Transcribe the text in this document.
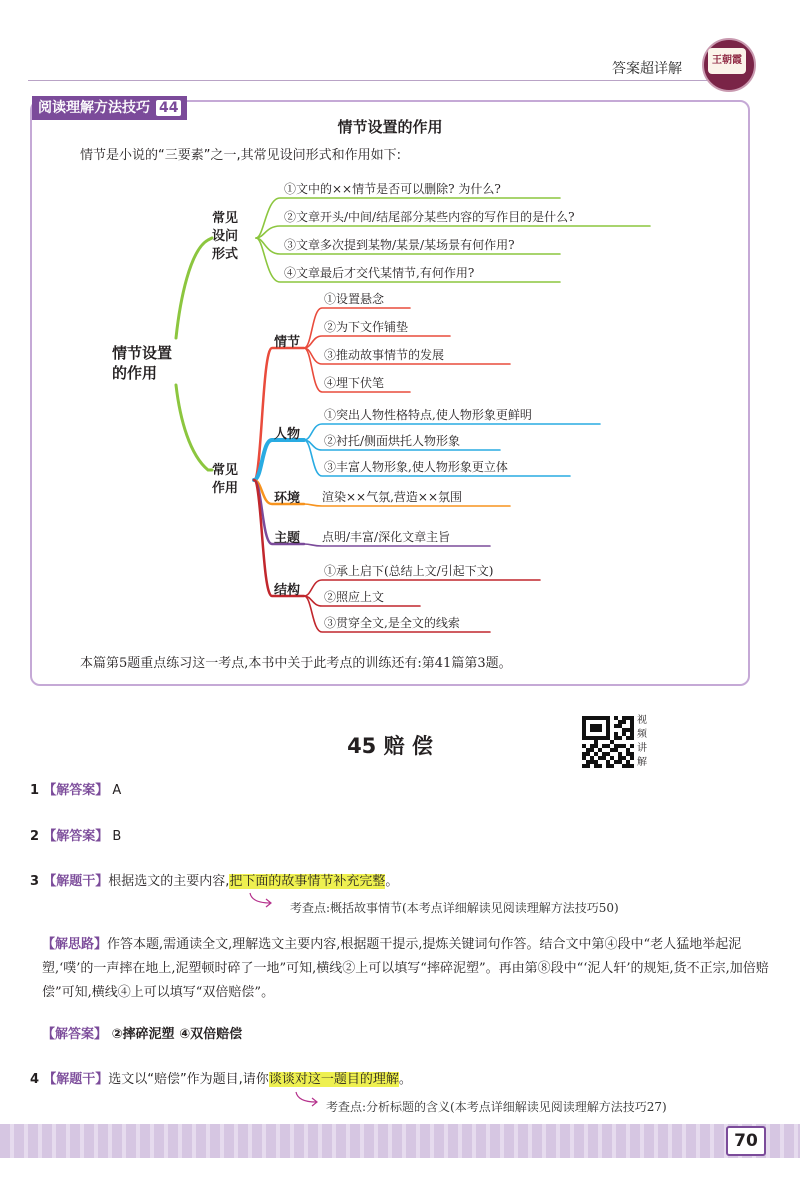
答案超详解
王朝霞
阅读理解方法技巧 44
情节设置的作用
情节是小说的“三要素”之一,其常见设问形式和作用如下:
情节设置
的作用
常见
设问
形式
①文中的××情节是否可以删除? 为什么?
②文章开头/中间/结尾部分某些内容的写作目的是什么?
③文章多次提到某物/某景/某场景有何作用?
④文章最后才交代某情节,有何作用?
常见
作用
情节
①设置悬念
②为下文作铺垫
③推动故事情节的发展
④埋下伏笔
人物
①突出人物性格特点,使人物形象更鲜明
②衬托/侧面烘托人物形象
③丰富人物形象,使人物形象更立体
环境 渲染××气氛,营造××氛围
主题 点明/丰富/深化文章主旨
结构
①承上启下(总结上文/引起下文)
②照应上文
③贯穿全文,是全文的线索
本篇第5题重点练习这一考点,本书中关于此考点的训练还有:第41篇第3题。
45 赔 偿
视频讲解
1 【解答案】 A
2 【解答案】 B
3 【解题干】根据选文的主要内容,把下面的故事情节补充完整。
考查点:概括故事情节(本考点详细解读见阅读理解方法技巧50)
【解思路】作答本题,需通读全文,理解选文主要内容,根据题干提示,提炼关键词句作答。结合文中第④段中“老人猛地举起泥塑,‘噗’的一声摔在地上,泥塑顿时碎了一地”可知,横线②上可以填写“摔碎泥塑”。再由第⑧段中“‘泥人轩’的规矩,货不正宗,加倍赔偿”可知,横线④上可以填写“双倍赔偿”。
【解答案】 ②摔碎泥塑 ④双倍赔偿
4 【解题干】选文以“赔偿”作为题目,请你谈谈对这一题目的理解。
考查点:分析标题的含义(本考点详细解读见阅读理解方法技巧27)
70
